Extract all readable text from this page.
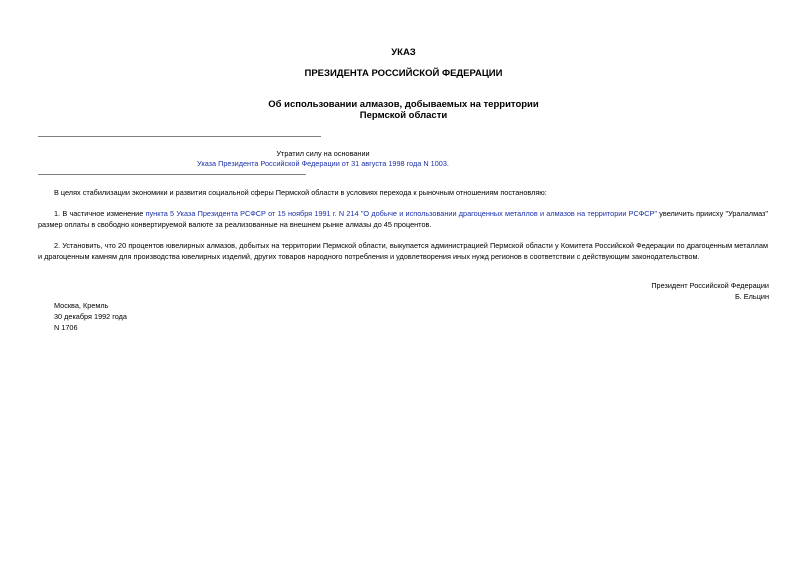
УКАЗ
ПРЕЗИДЕНТА РОССИЙСКОЙ ФЕДЕРАЦИИ
Об использовании алмазов, добываемых на территории
Пермской области
Утратил силу на основании
Указа Президента Российской Федерации от 31 августа 1998 года N 1003.

В целях стабилизации экономики и развития социальной сферы Пермской области в условиях перехода к рыночным отношениям постановляю:

1. В частичное изменение пункта 5 Указа Президента РСФСР от 15 ноября 1991 г. N 214 "О добыче и использовании драгоценных металлов и алмазов на территории РСФСР" увеличить приисху "Уралалмаз" размер оплаты в свободно конвертируемой валюте за реализованные на внешнем рынке алмазы до 45 процентов.

2. Установить, что 20 процентов ювелирных алмазов, добытых на территории Пермской области, выкупается администрацией Пермской области у Комитета Российской Федерации по драгоценным металлам и драгоценным камням для производства ювелирных изделий, других товаров народного потребления и удовлетворения иных нужд регионов в соответствии с действующим законодательством.

Президент Российской Федерации
Б. Ельцин
Москва, Кремль
30 декабря 1992 года
N 1706
